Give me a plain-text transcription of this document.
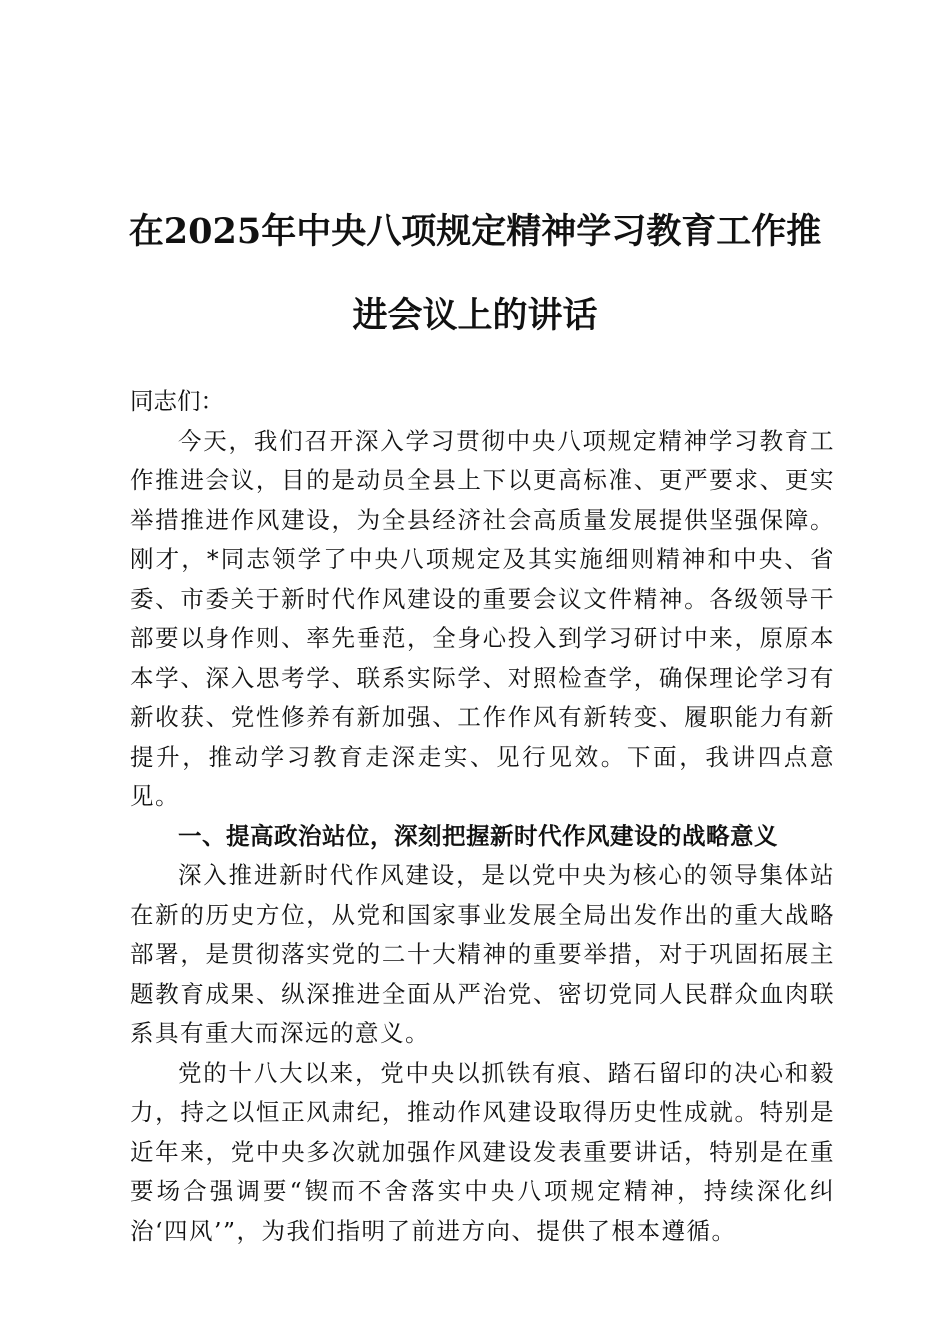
在2025年中央八项规定精神学习教育工作推
进会议上的讲话

同志们：

今天，我们召开深入学习贯彻中央八项规定精神学习教育工作推进会议，目的是动员全县上下以更高标准、更严要求、更实举措推进作风建设，为全县经济社会高质量发展提供坚强保障。刚才，*同志领学了中央八项规定及其实施细则精神和中央、省委、市委关于新时代作风建设的重要会议文件精神。各级领导干部要以身作则、率先垂范，全身心投入到学习研讨中来，原原本本学、深入思考学、联系实际学、对照检查学，确保理论学习有新收获、党性修养有新加强、工作作风有新转变、履职能力有新提升，推动学习教育走深走实、见行见效。下面，我讲四点意见。

一、提高政治站位，深刻把握新时代作风建设的战略意义

深入推进新时代作风建设，是以党中央为核心的领导集体站在新的历史方位，从党和国家事业发展全局出发作出的重大战略部署，是贯彻落实党的二十大精神的重要举措，对于巩固拓展主题教育成果、纵深推进全面从严治党、密切党同人民群众血肉联系具有重大而深远的意义。

党的十八大以来，党中央以抓铁有痕、踏石留印的决心和毅力，持之以恒正风肃纪，推动作风建设取得历史性成就。特别是近年来，党中央多次就加强作风建设发表重要讲话，特别是在重要场合强调要“锲而不舍落实中央八项规定精神，持续深化纠治‘四风’”，为我们指明了前进方向、提供了根本遵循。
